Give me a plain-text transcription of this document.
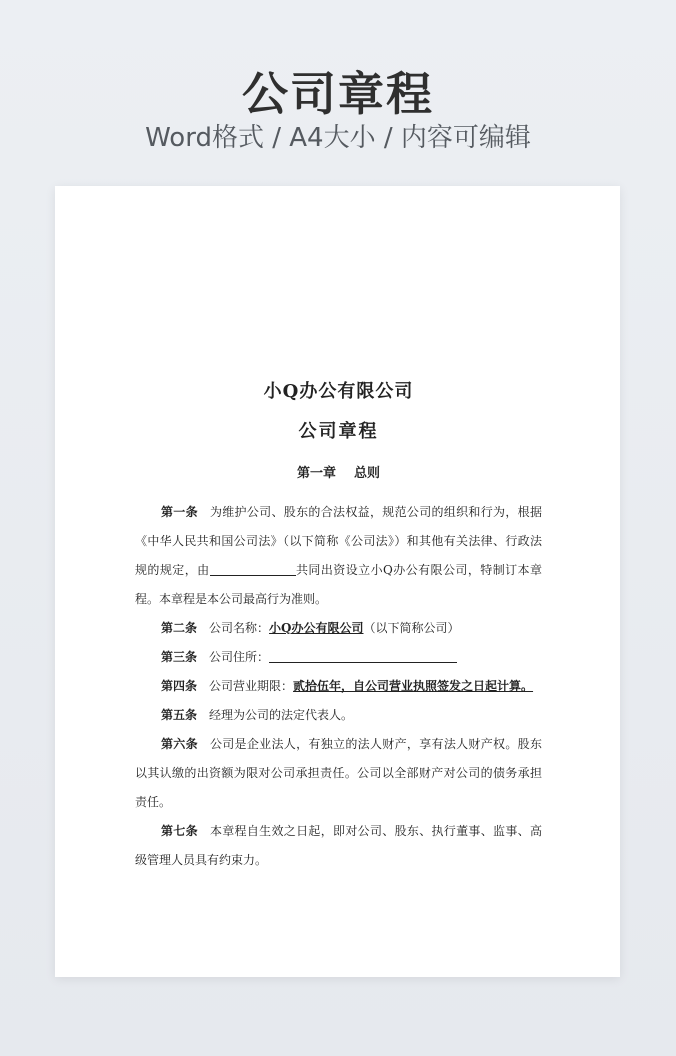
公司章程
Word格式 / A4大小 / 内容可编辑

小Q办公有限公司

公司章程

第一章 总则

第一条 为维护公司、股东的合法权益，规范公司的组织和行为，根据《中华人民共和国公司法》（以下简称《公司法》）和其他有关法律、行政法规的规定，由	共同出资设立小Q办公有限公司，特制订本章程。本章程是本公司最高行为准则。

第二条 公司名称：小Q办公有限公司（以下简称公司）

第三条 公司住所：

第四条 公司营业期限：贰拾伍年，自公司营业执照签发之日起计算。

第五条 经理为公司的法定代表人。

第六条 公司是企业法人，有独立的法人财产，享有法人财产权。股东以其认缴的出资额为限对公司承担责任。公司以全部财产对公司的债务承担责任。

第七条 本章程自生效之日起，即对公司、股东、执行董事、监事、高级管理人员具有约束力。
